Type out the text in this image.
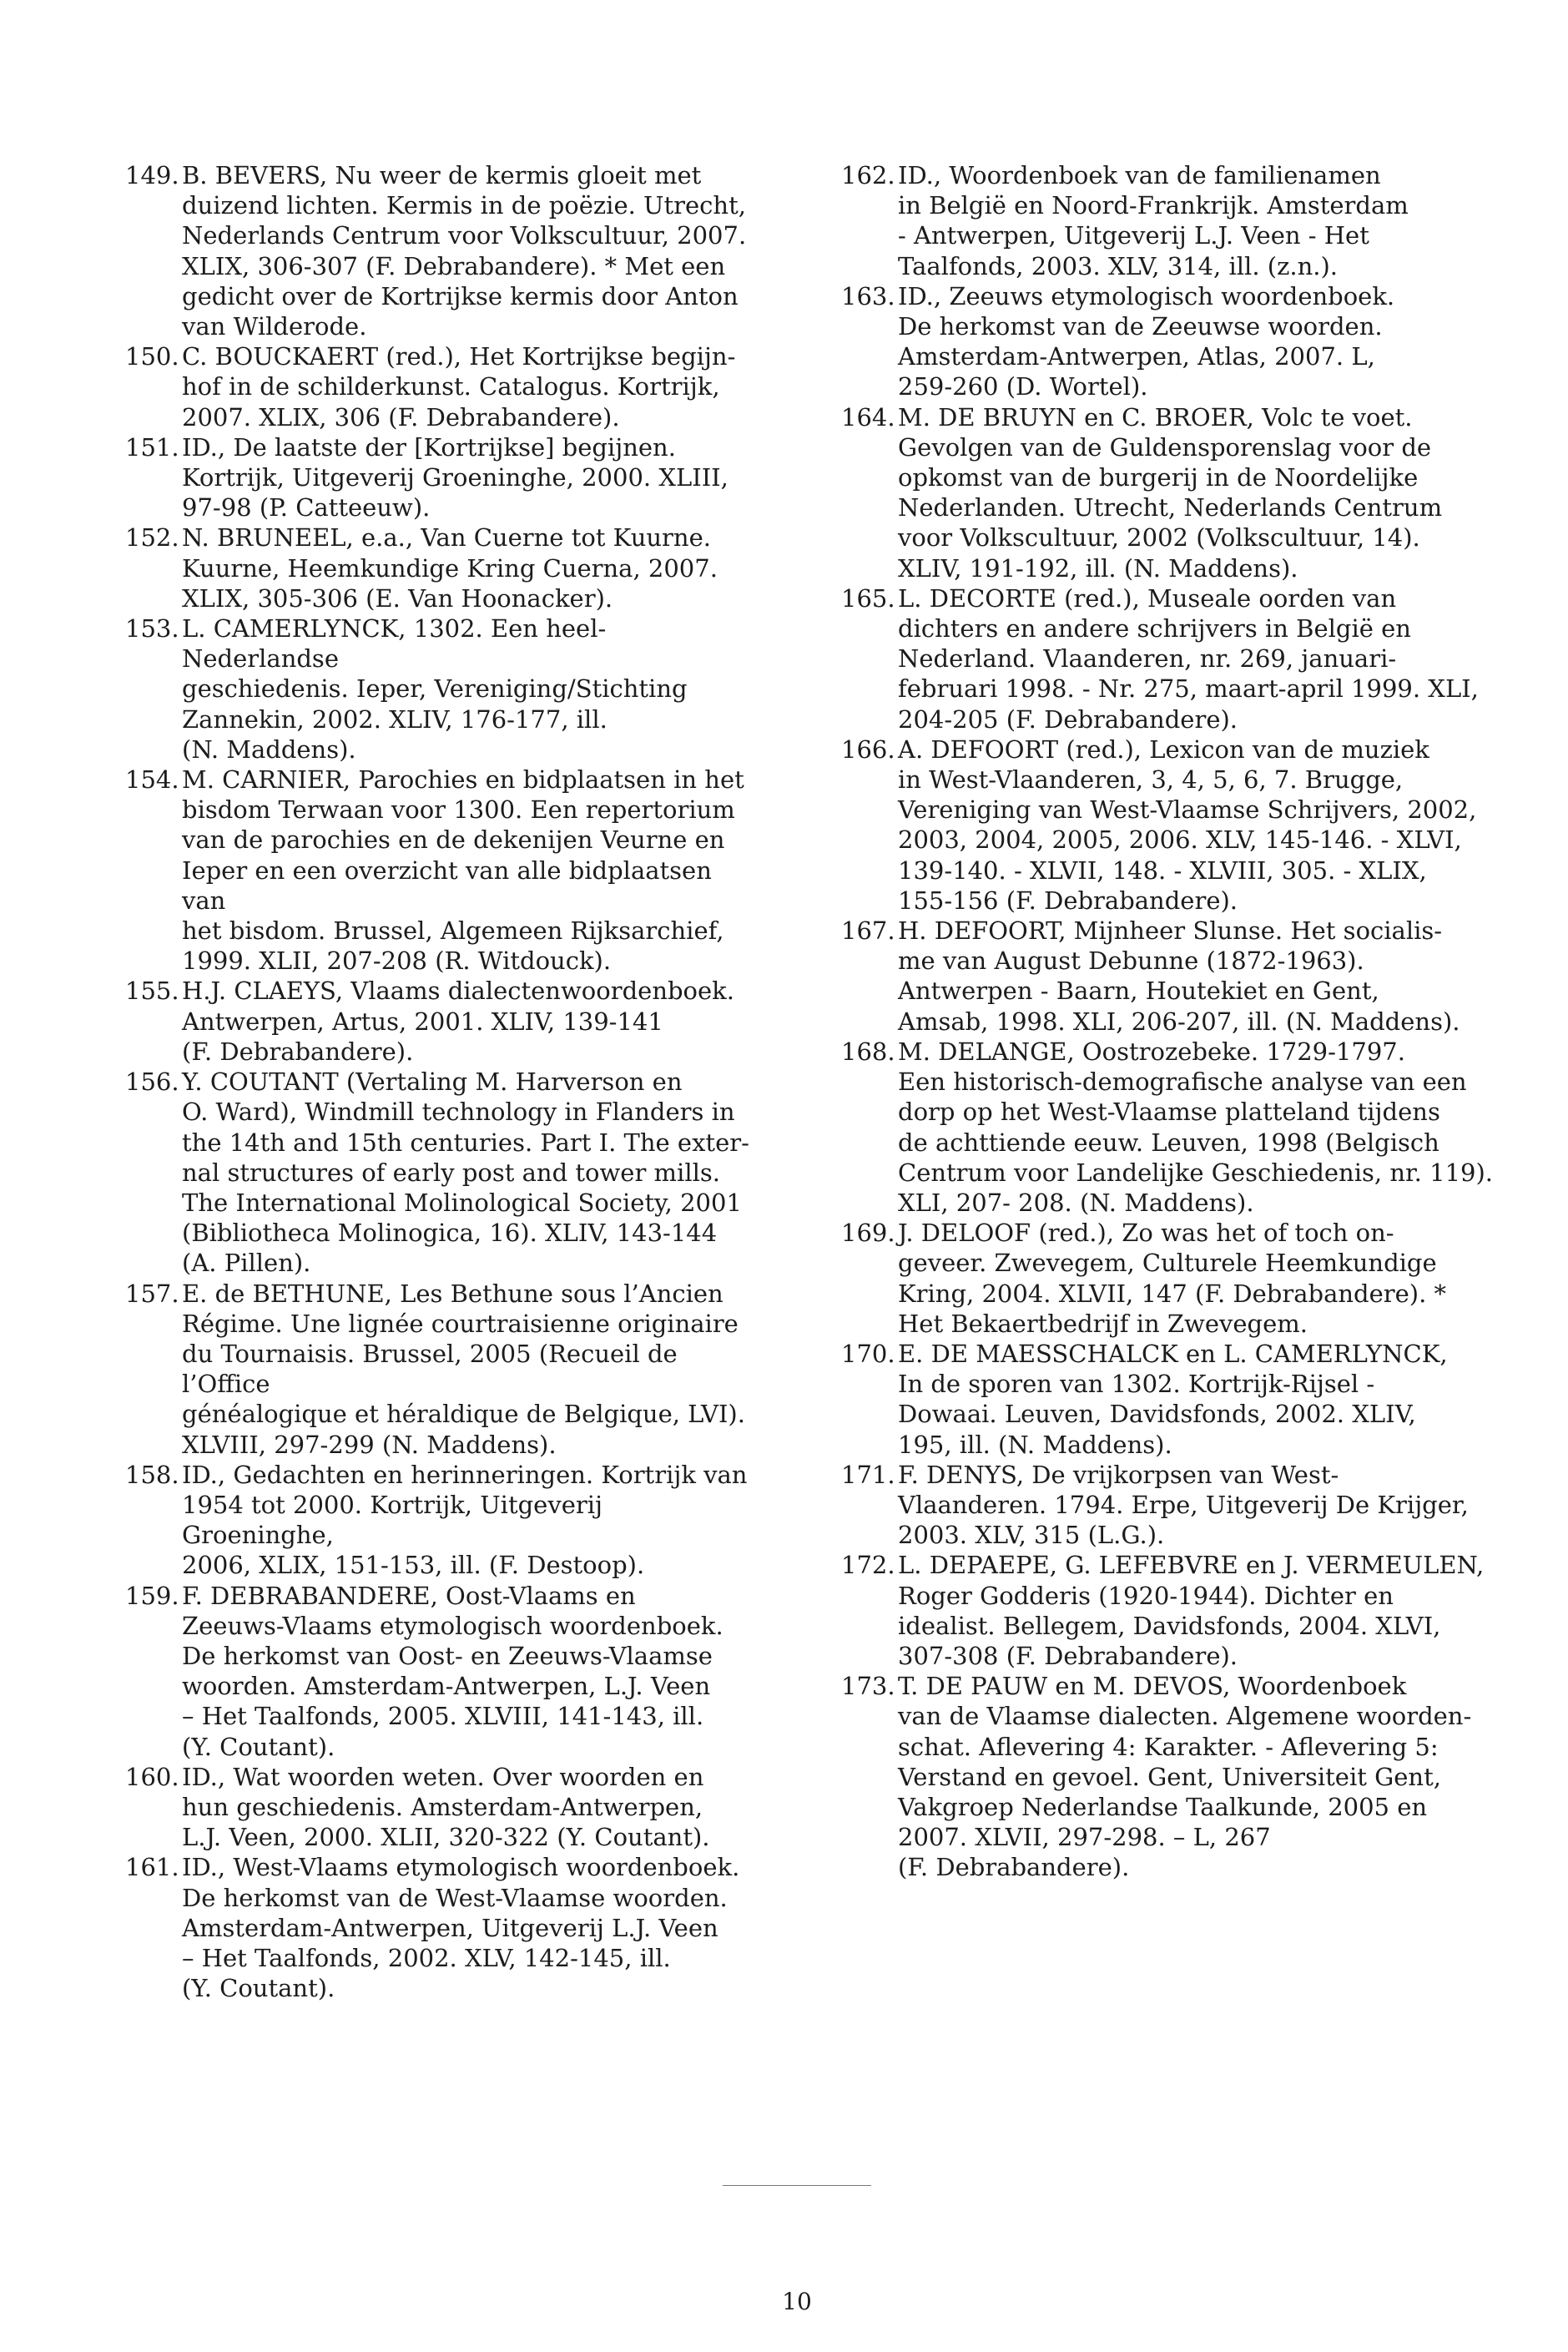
149. B. BEVERS, Nu weer de kermis gloeit met
duizend lichten. Kermis in de poëzie. Utrecht,
Nederlands Centrum voor Volkscultuur, 2007.
XLIX, 306-307 (F. Debrabandere). * Met een
gedicht over de Kortrijkse kermis door Anton
van Wilderode.
150. C. BOUCKAERT (red.), Het Kortrijkse begijn-
hof in de schilderkunst. Catalogus. Kortrijk,
2007. XLIX, 306 (F. Debrabandere).
151. ID., De laatste der [Kortrijkse] begijnen.
Kortrijk, Uitgeverij Groeninghe, 2000. XLIII,
97-98 (P. Catteeuw).
152. N. BRUNEEL, e.a., Van Cuerne tot Kuurne.
Kuurne, Heemkundige Kring Cuerna, 2007.
XLIX, 305-306 (E. Van Hoonacker).
153. L. CAMERLYNCK, 1302. Een heel-Nederlandse
geschiedenis. Ieper, Vereniging/Stichting
Zannekin, 2002. XLIV, 176-177, ill.
(N. Maddens).
154. M. CARNIER, Parochies en bidplaatsen in het
bisdom Terwaan voor 1300. Een repertorium
van de parochies en de dekenijen Veurne en
Ieper en een overzicht van alle bidplaatsen van
het bisdom. Brussel, Algemeen Rijksarchief,
1999. XLII, 207-208 (R. Witdouck).
155. H.J. CLAEYS, Vlaams dialectenwoordenboek.
Antwerpen, Artus, 2001. XLIV, 139-141
(F. Debrabandere).
156. Y. COUTANT (Vertaling M. Harverson en
O. Ward), Windmill technology in Flanders in
the 14th and 15th centuries. Part I. The exter-
nal structures of early post and tower mills.
The International Molinological Society, 2001
(Bibliotheca Molinogica, 16). XLIV, 143-144
(A. Pillen).
157. E. de BETHUNE, Les Bethune sous l’Ancien
Régime. Une lignée courtraisienne originaire
du Tournaisis. Brussel, 2005 (Recueil de l’Office
généalogique et héraldique de Belgique, LVI).
XLVIII, 297-299 (N. Maddens).
158. ID., Gedachten en herinneringen. Kortrijk van
1954 tot 2000. Kortrijk, Uitgeverij Groeninghe,
2006, XLIX, 151-153, ill. (F. Destoop).
159. F. DEBRABANDERE, Oost-Vlaams en
Zeeuws-Vlaams etymologisch woordenboek.
De herkomst van Oost- en Zeeuws-Vlaamse
woorden. Amsterdam-Antwerpen, L.J. Veen
– Het Taalfonds, 2005. XLVIII, 141-143, ill.
(Y. Coutant).
160. ID., Wat woorden weten. Over woorden en
hun geschiedenis. Amsterdam-Antwerpen,
L.J. Veen, 2000. XLII, 320-322 (Y. Coutant).
161. ID., West-Vlaams etymologisch woordenboek.
De herkomst van de West-Vlaamse woorden.
Amsterdam-Antwerpen, Uitgeverij L.J. Veen
– Het Taalfonds, 2002. XLV, 142-145, ill.
(Y. Coutant).
162. ID., Woordenboek van de familienamen
in België en Noord-Frankrijk. Amsterdam
- Antwerpen, Uitgeverij L.J. Veen - Het
Taalfonds, 2003. XLV, 314, ill. (z.n.).
163. ID., Zeeuws etymologisch woordenboek.
De herkomst van de Zeeuwse woorden.
Amsterdam-Antwerpen, Atlas, 2007. L,
259-260 (D. Wortel).
164. M. DE BRUYN en C. BROER, Volc te voet.
Gevolgen van de Guldensporenslag voor de
opkomst van de burgerij in de Noordelijke
Nederlanden. Utrecht, Nederlands Centrum
voor Volkscultuur, 2002 (Volkscultuur, 14).
XLIV, 191-192, ill. (N. Maddens).
165. L. DECORTE (red.), Museale oorden van
dichters en andere schrijvers in België en
Nederland. Vlaanderen, nr. 269, januari-
februari 1998. - Nr. 275, maart-april 1999. XLI,
204-205 (F. Debrabandere).
166. A. DEFOORT (red.), Lexicon van de muziek
in West-Vlaanderen, 3, 4, 5, 6, 7. Brugge,
Vereniging van West-Vlaamse Schrijvers, 2002,
2003, 2004, 2005, 2006. XLV, 145-146. - XLVI,
139-140. - XLVII, 148. - XLVIII, 305. - XLIX,
155-156 (F. Debrabandere).
167. H. DEFOORT, Mijnheer Slunse. Het socialis-
me van August Debunne (1872-1963).
Antwerpen - Baarn, Houtekiet en Gent,
Amsab, 1998. XLI, 206-207, ill. (N. Maddens).
168. M. DELANGE, Oostrozebeke. 1729-1797.
Een historisch-demografische analyse van een
dorp op het West-Vlaamse platteland tijdens
de achttiende eeuw. Leuven, 1998 (Belgisch
Centrum voor Landelijke Geschiedenis, nr. 119).
XLI, 207- 208. (N. Maddens).
169. J. DELOOF (red.), Zo was het of toch on-
geveer. Zwevegem, Culturele Heemkundige
Kring, 2004. XLVII, 147 (F. Debrabandere). *
Het Bekaertbedrijf in Zwevegem.
170. E. DE MAESSCHALCK en L. CAMERLYNCK,
In de sporen van 1302. Kortrijk-Rijsel -
Dowaai. Leuven, Davidsfonds, 2002. XLIV,
195, ill. (N. Maddens).
171. F. DENYS, De vrijkorpsen van West-
Vlaanderen. 1794. Erpe, Uitgeverij De Krijger,
2003. XLV, 315 (L.G.).
172. L. DEPAEPE, G. LEFEBVRE en J. VERMEULEN,
Roger Godderis (1920-1944). Dichter en
idealist. Bellegem, Davidsfonds, 2004. XLVI,
307-308 (F. Debrabandere).
173. T. DE PAUW en M. DEVOS, Woordenboek
van de Vlaamse dialecten. Algemene woorden-
schat. Aflevering 4: Karakter. - Aflevering 5:
Verstand en gevoel. Gent, Universiteit Gent,
Vakgroep Nederlandse Taalkunde, 2005 en
2007. XLVII, 297-298. – L, 267
(F. Debrabandere).
10
